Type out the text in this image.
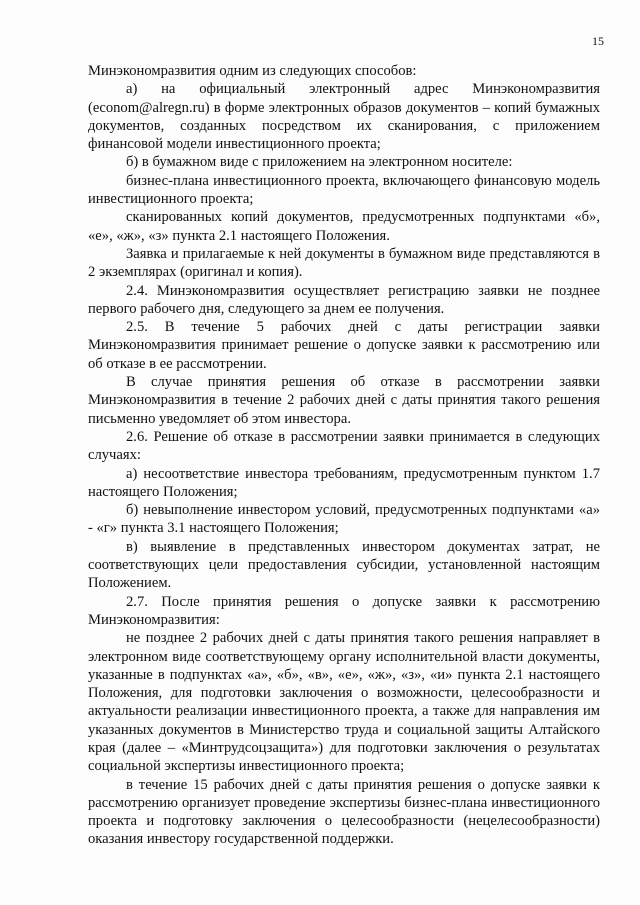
15

Минэкономразвития одним из следующих способов:

а) на официальный электронный адрес Минэкономразвития (econom@alregn.ru) в форме электронных образов документов – копий бумажных документов, созданных посредством их сканирования, с приложением финансовой модели инвестиционного проекта;

б) в бумажном виде с приложением на электронном носителе:

бизнес-плана инвестиционного проекта, включающего финансовую модель инвестиционного проекта;

сканированных копий документов, предусмотренных подпунктами «б», «е», «ж», «з» пункта 2.1 настоящего Положения.

Заявка и прилагаемые к ней документы в бумажном виде представляются в 2 экземплярах (оригинал и копия).

2.4. Минэкономразвития осуществляет регистрацию заявки не позднее первого рабочего дня, следующего за днем ее получения.

2.5. В течение 5 рабочих дней с даты регистрации заявки Минэкономразвития принимает решение о допуске заявки к рассмотрению или об отказе в ее рассмотрении.

В случае принятия решения об отказе в рассмотрении заявки Минэкономразвития в течение 2 рабочих дней с даты принятия такого решения письменно уведомляет об этом инвестора.

2.6. Решение об отказе в рассмотрении заявки принимается в следующих случаях:

а) несоответствие инвестора требованиям, предусмотренным пунктом 1.7 настоящего Положения;

б) невыполнение инвестором условий, предусмотренных подпунктами «а» - «г» пункта 3.1 настоящего Положения;

в) выявление в представленных инвестором документах затрат, не соответствующих цели предоставления субсидии, установленной настоящим Положением.

2.7. После принятия решения о допуске заявки к рассмотрению Минэкономразвития:

не позднее 2 рабочих дней с даты принятия такого решения направляет в электронном виде соответствующему органу исполнительной власти документы, указанные в подпунктах «а», «б», «в», «е», «ж», «з», «и» пункта 2.1 настоящего Положения, для подготовки заключения о возможности, целесообразности и актуальности реализации инвестиционного проекта, а также для направления им указанных документов в Министерство труда и социальной защиты Алтайского края (далее – «Минтрудсоцзащита») для подготовки заключения о результатах социальной экспертизы инвестиционного проекта;

в течение 15 рабочих дней с даты принятия решения о допуске заявки к рассмотрению организует проведение экспертизы бизнес-плана инвестиционного проекта и подготовку заключения о целесообразности (нецелесообразности) оказания инвестору государственной поддержки.
